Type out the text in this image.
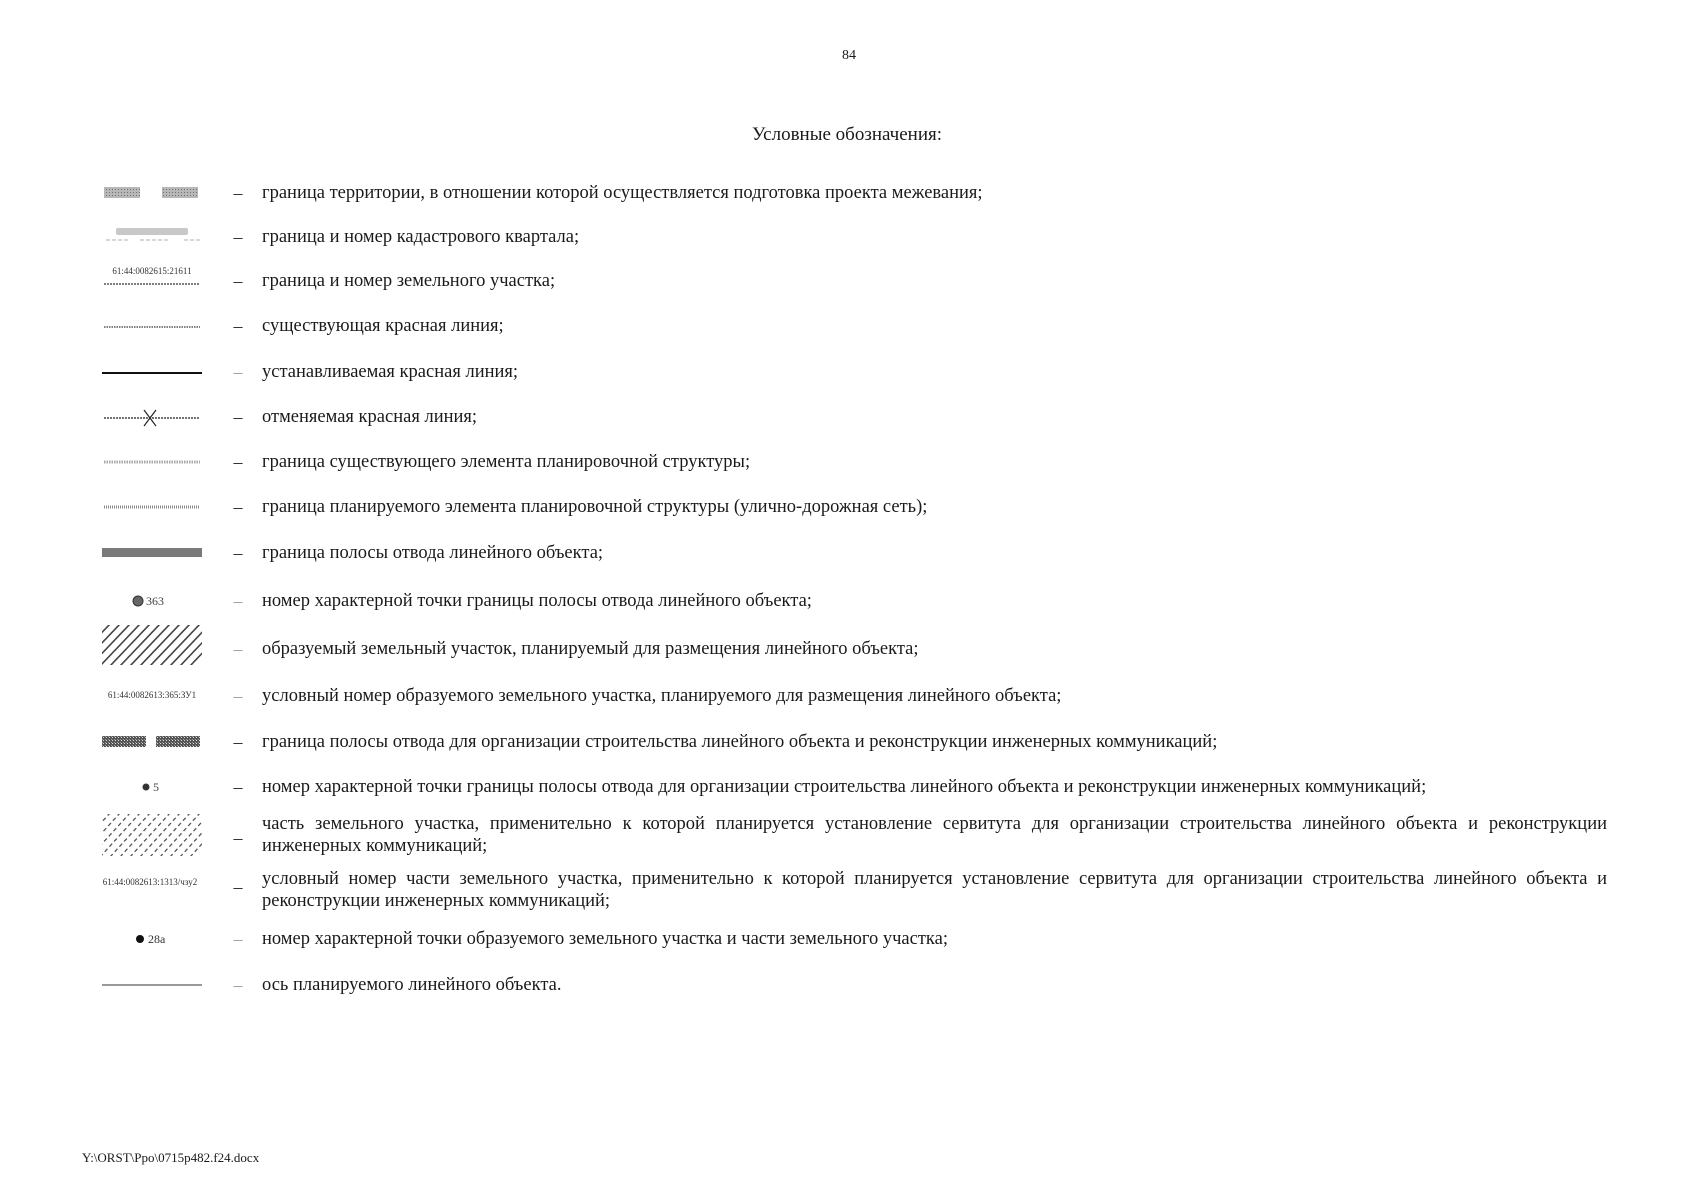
84
Условные обозначения:
– граница территории, в отношении которой осуществляется подготовка проекта межевания;
– граница и номер кадастрового квартала;
61:44:0082615:21611 – граница и номер земельного участка;
– существующая красная линия;
– устанавливаемая красная линия;
– отменяемая красная линия;
– граница существующего элемента планировочной структуры;
– граница планируемого элемента планировочной структуры (улично-дорожная сеть);
– граница полосы отвода линейного объекта;
363	– номер характерной точки границы полосы отвода линейного объекта;
– образуемый земельный участок, планируемый для размещения линейного объекта;
61:44:0082613:365:ЗУ1 – условный номер образуемого земельного участка, планируемого для размещения линейного объекта;
– граница полосы отвода для организации строительства линейного объекта и реконструкции инженерных коммуникаций;
5	– номер характерной точки границы полосы отвода для организации строительства линейного объекта и реконструкции инженерных коммуникаций;
–
часть земельного участка, применительно к которой планируется установление сервитута для организации строительства линейного объекта и реконструкции инженерных коммуникаций;
61:44:0082613:1313/чзу2 – условный номер части земельного участка, применительно к которой планируется установление сервитута для организации строительства линейного объекта и реконструкции инженерных коммуникаций;
28а	– номер характерной точки образуемого земельного участка и части земельного участка;
– ось планируемого линейного объекта.
Y:\ORST\Ppo\0715p482.f24.docx
